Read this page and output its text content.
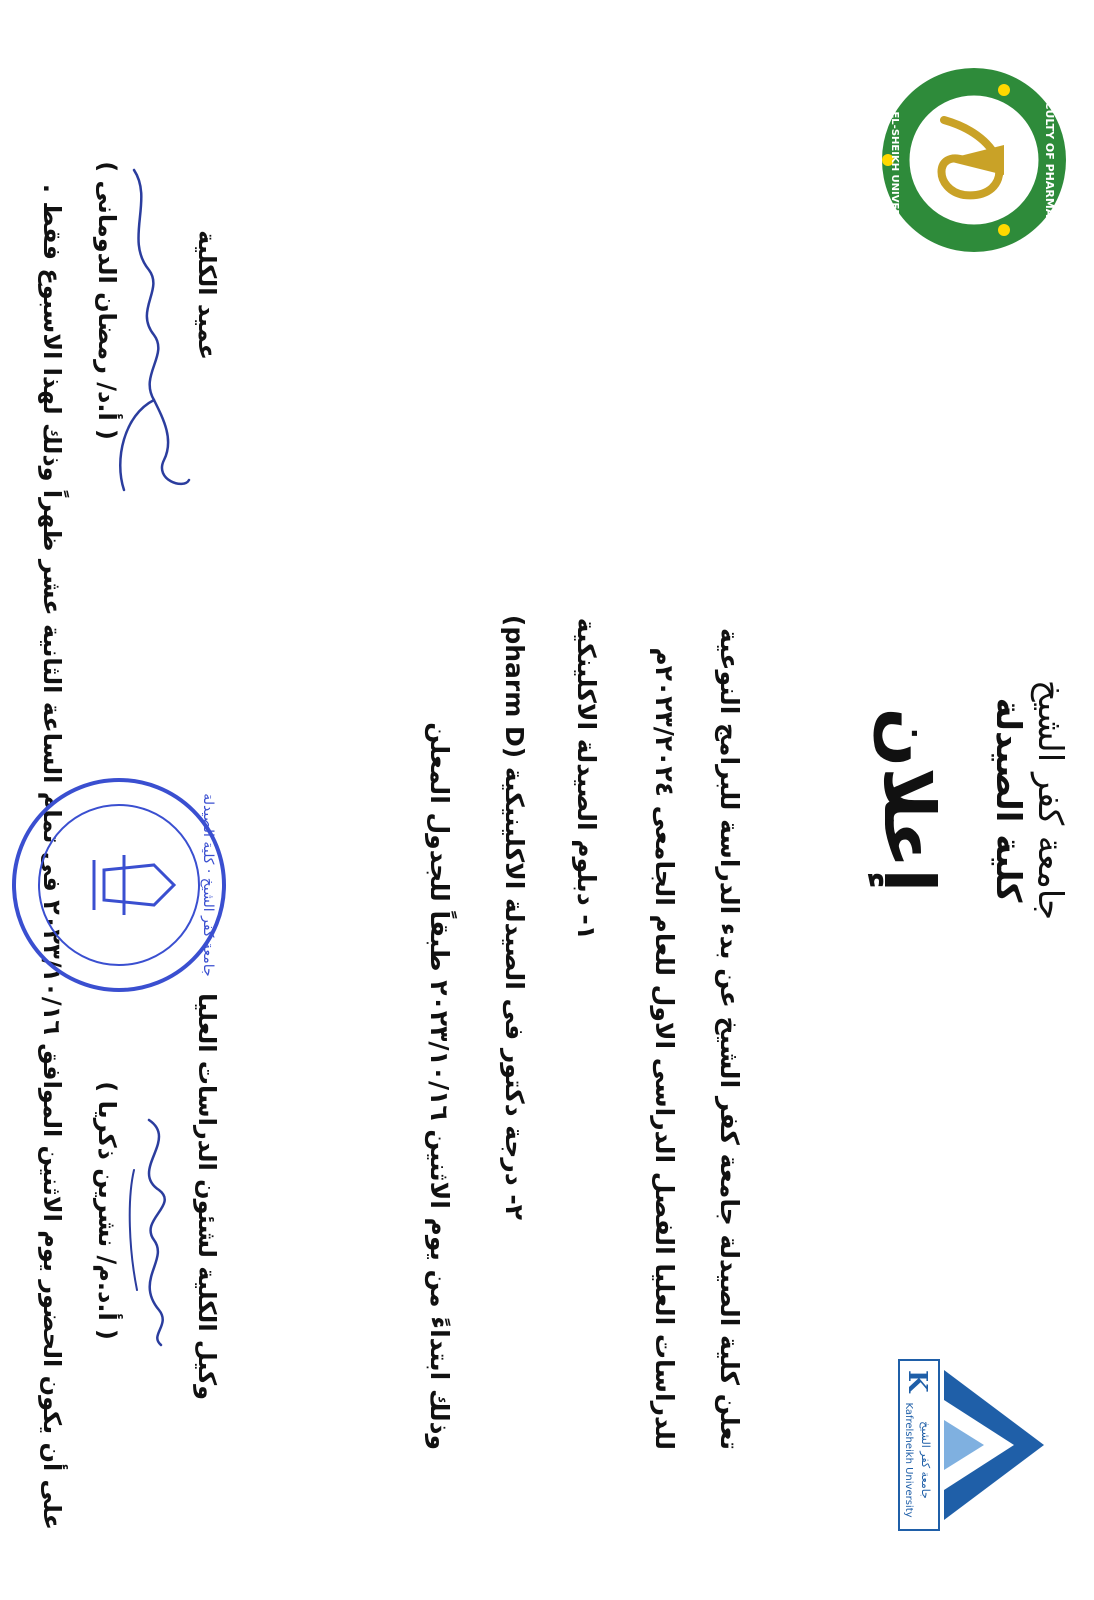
جامعة كفر الشيخ
كلية الصيدلة
إعلان
تعلن كلية الصيدلة جامعة كفر الشيخ عن بدء الدراسة للبرامج النوعية
للدراسات العليا الفصل الدراسى الاول للعام الجامعى ٢٠٢٣/٢٠٢٤م
١- دبلوم الصيدلة الاكلينكية
٢- درجة دكتور فى الصيدلة الاكلينيكية (pharm D)
وذلك ابتداءً من يوم الاثنين ٢٠٢٣/١٠/١٦ طبقاً للجدول المعلن
وكيل الكلية لشئون الدراسات العليا
( أ.د.م/ نشرين ذكريا )
عميد الكلية
( أ.د/ رمضان الدومانى )
على أن يكون الحضور يوم الاثنين الموافق ٢٠٢٣/١٠/١٦ فى تمام الساعة الثانية عشر ظهراً وذلك لهذا الاسبوع فقط .
FACULTY OF PHARMACY
KAFR EL-SHEIKH UNIVERSITY
K
جامعة كفر الشيخ
Kafrelsheikh University
جامعة كفر الشيخ · كلية الصيدلة
